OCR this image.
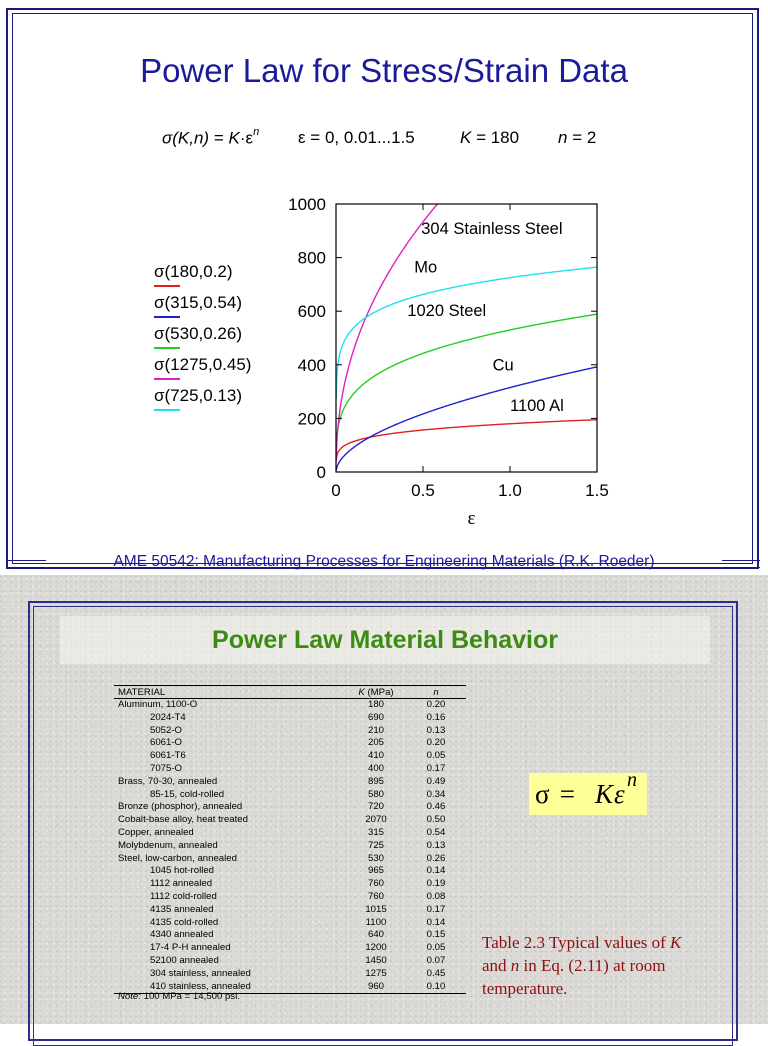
Power Law for Stress/Strain Data
$\sigma(K,n) = K\cdot\varepsilon^n$ ε = 0, 0.01...1.5	K = 180 n = 2
σ(180,0.2)
σ(315,0.54)
σ(530,0.26)
σ(1275,0.45)
σ(725,0.13)
0
200
400
600
800
1000
0	0.5	1.0	1.5
ε
304 Stainless Steel
Mo
1020 Steel
Cu
1100 Al
AME 50542: Manufacturing Processes for Engineering Materials (R.K. Roeder)
Power Law Material Behavior
MATERIAL	K (MPa)	n
Aluminum, 1100-O	180	0.20
2024-T4	690	0.16
5052-O	210	0.13
6061-O	205	0.20
6061-T6	410	0.05
7075-O	400	0.17
Brass, 70-30, annealed	895	0.49
85-15, cold-rolled	580	0.34
Bronze (phosphor), annealed	720	0.46
Cobalt-base alloy, heat treated	2070	0.50
Copper, annealed	315	0.54
Molybdenum, annealed	725	0.13
Steel, low-carbon, annealed	530	0.26
1045 hot-rolled	965	0.14
1112 annealed	760	0.19
1112 cold-rolled	760	0.08
4135 annealed	1015	0.17
4135 cold-rolled	1100	0.14
4340 annealed	640	0.15
17-4 P-H annealed	1200	0.05
52100 annealed	1450	0.07
304 stainless, annealed	1275	0.45
410 stainless, annealed	960	0.10
Note: 100 MPa = 14,500 psi.
σ = K ε n
Table 2.3 Typical values of K and n in Eq. (2.11) at room temperature.
